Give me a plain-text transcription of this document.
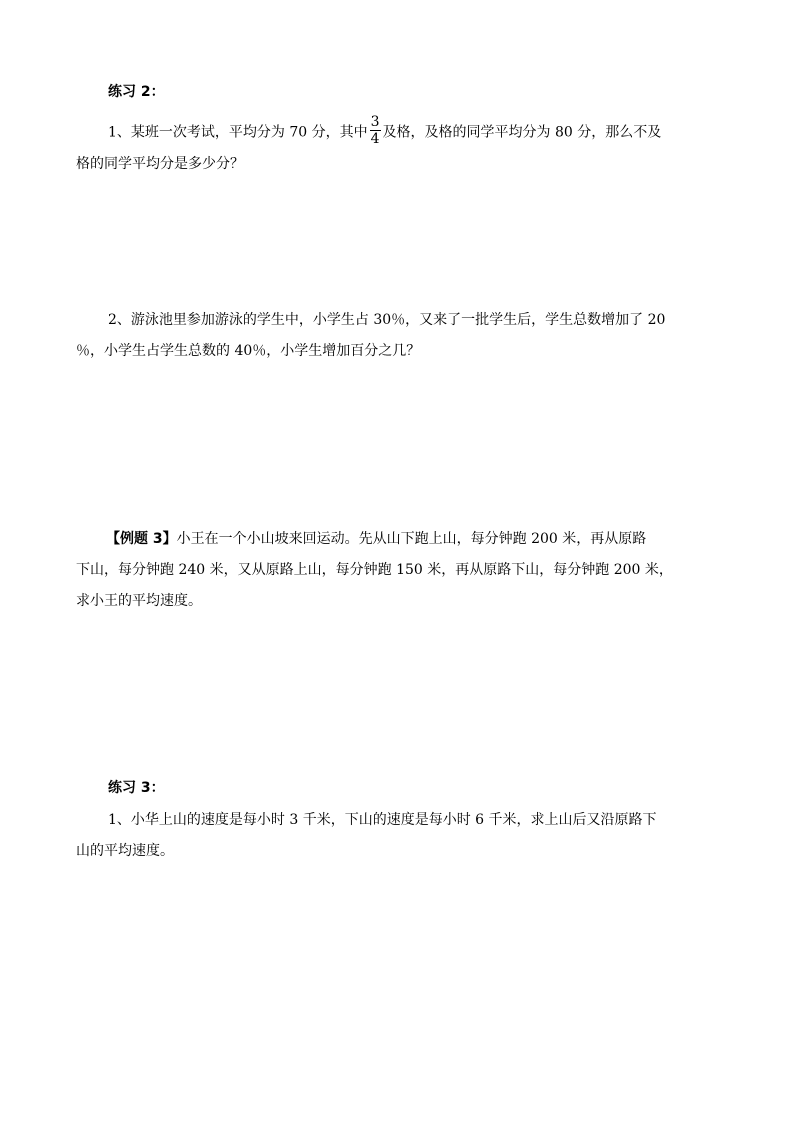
练习 2：
1、某班一次考试，平均分为 70 分，其中 $\frac{3}{4}$ 及格，及格的同学平均分为 80 分，那么不及
格的同学平均分是多少分？
2、游泳池里参加游泳的学生中，小学生占 30％，又来了一批学生后，学生总数增加了 20
％，小学生占学生总数的 40％，小学生增加百分之几？
【例题 3】小王在一个小山坡来回运动。先从山下跑上山，每分钟跑 200 米，再从原路
下山，每分钟跑 240 米，又从原路上山，每分钟跑 150 米，再从原路下山，每分钟跑 200 米，
求小王的平均速度。
练习 3：
1、小华上山的速度是每小时 3 千米，下山的速度是每小时 6 千米，求上山后又沿原路下
山的平均速度。
